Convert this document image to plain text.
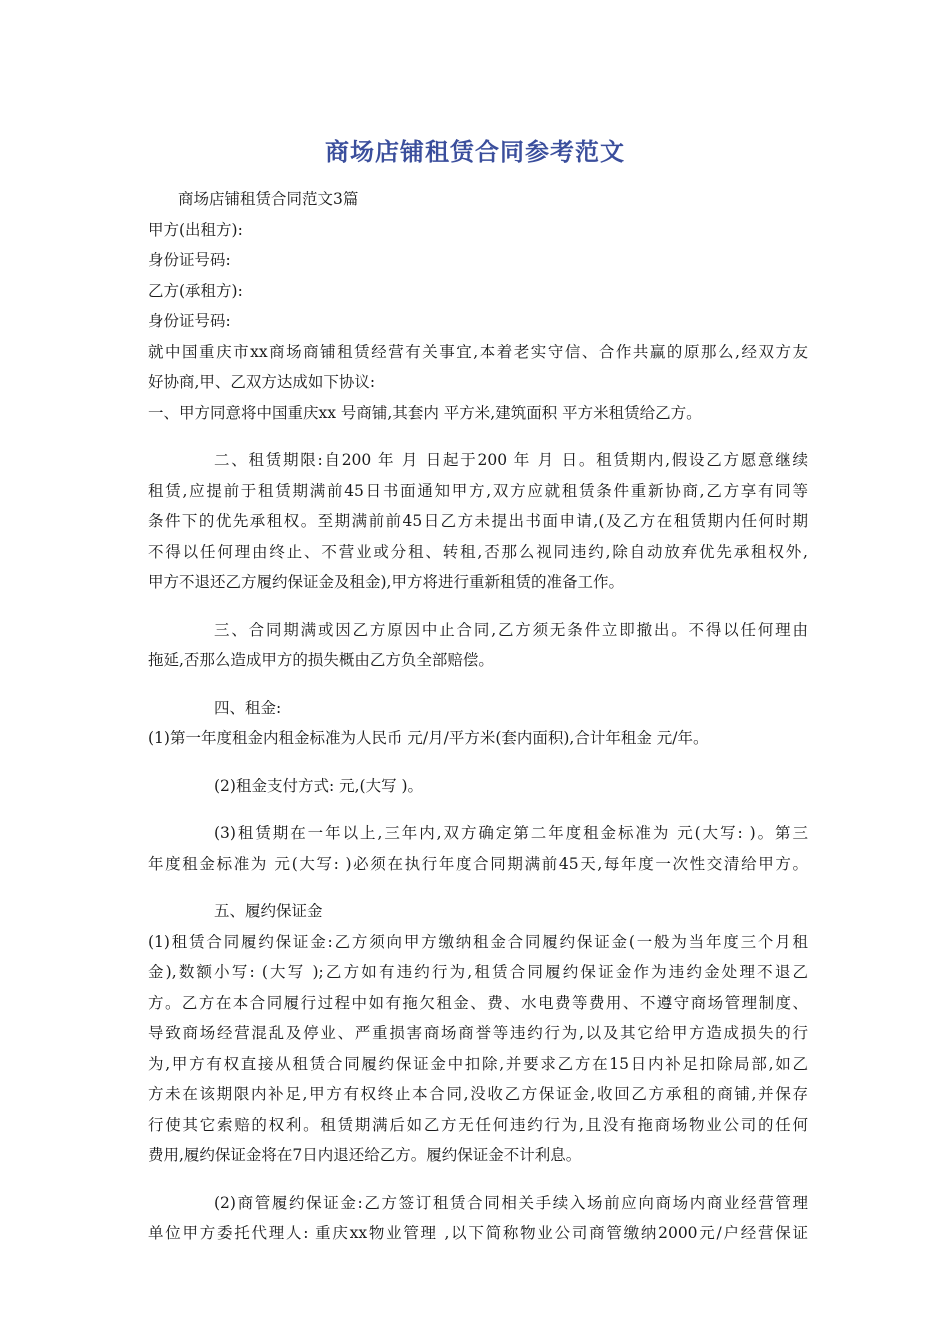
商场店铺租赁合同参考范文
商场店铺租赁合同范文3篇
甲方(出租方):
身份证号码:
乙方(承租方):
身份证号码:
就中国重庆市xx商场商铺租赁经营有关事宜,本着老实守信、合作共赢的原那么,经双方友
好协商,甲、乙双方达成如下协议:
一、甲方同意将中国重庆xx 号商铺,其套内 平方米,建筑面积 平方米租赁给乙方。
二、租赁期限:自200 年 月 日起于200 年 月 日。租赁期内,假设乙方愿意继续
租赁,应提前于租赁期满前45日书面通知甲方,双方应就租赁条件重新协商,乙方享有同等
条件下的优先承租权。至期满前前45日乙方未提出书面申请,(及乙方在租赁期内任何时期
不得以任何理由终止、不营业或分租、转租,否那么视同违约,除自动放弃优先承租权外,
甲方不退还乙方履约保证金及租金),甲方将进行重新租赁的准备工作。
三、合同期满或因乙方原因中止合同,乙方须无条件立即撤出。不得以任何理由
拖延,否那么造成甲方的损失概由乙方负全部赔偿。
四、租金:
(1)第一年度租金内租金标准为人民币 元/月/平方米(套内面积),合计年租金 元/年。
(2)租金支付方式: 元,(大写 )。
(3)租赁期在一年以上,三年内,双方确定第二年度租金标准为 元(大写: )。第三
年度租金标准为 元(大写: )必须在执行年度合同期满前45天,每年度一次性交清给甲方。
五、履约保证金
(1)租赁合同履约保证金:乙方须向甲方缴纳租金合同履约保证金(一般为当年度三个月租
金),数额小写: (大写 );乙方如有违约行为,租赁合同履约保证金作为违约金处理不退乙
方。乙方在本合同履行过程中如有拖欠租金、费、水电费等费用、不遵守商场管理制度、
导致商场经营混乱及停业、严重损害商场商誉等违约行为,以及其它给甲方造成损失的行
为,甲方有权直接从租赁合同履约保证金中扣除,并要求乙方在15日内补足扣除局部,如乙
方未在该期限内补足,甲方有权终止本合同,没收乙方保证金,收回乙方承租的商铺,并保存
行使其它索赔的权利。租赁期满后如乙方无任何违约行为,且没有拖商场物业公司的任何
费用,履约保证金将在7日内退还给乙方。履约保证金不计利息。
(2)商管履约保证金:乙方签订租赁合同相关手续入场前应向商场内商业经营管理
单位甲方委托代理人: 重庆xx物业管理 ,以下简称物业公司商管缴纳2000元/户经营保证
